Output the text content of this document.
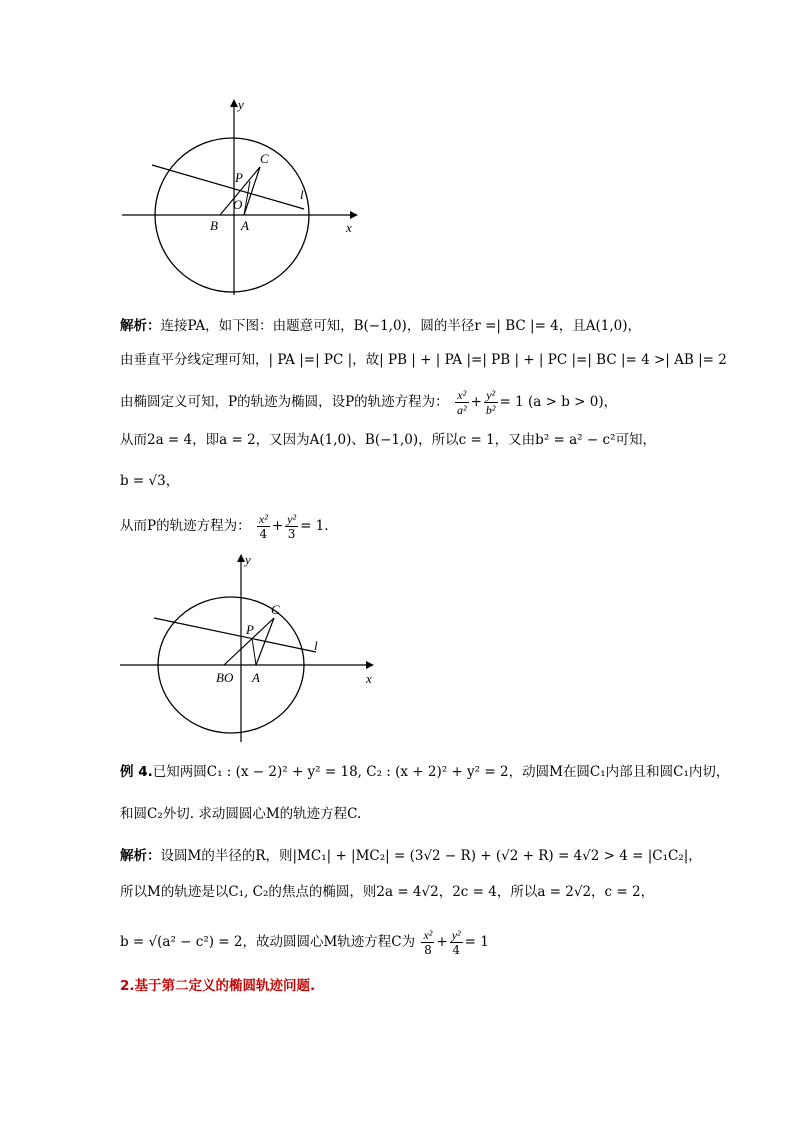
y
x
C
P
O
l
B A
解析：连接PA，如下图：由题意可知，B(−1,0)，圆的半径r =| BC |= 4，且A(1,0)，
由垂直平分线定理可知，| PA |=| PC |，故| PB | + | PA |=| PB | + | PC |=| BC |= 4 >| AB |= 2
由椭圆定义可知，P的轨迹为椭圆，设P的轨迹方程为： $\frac{\text{x²}}{\text{a²}} + \frac{\text{y²}}{\text{b²}} = 1$ (a > b > 0)，
从而2a = 4，即a = 2，又因为A(1,0)、B(−1,0)，所以c = 1，又由b² = a² − c²可知，
b = √3，
从而P的轨迹方程为： $\frac{\text{x²}}{4} + \frac{\text{y²}}{3} = 1$.
y
x
C
P
l
BO A
例 4.已知两圆C₁ : (x − 2)² + y² = 18, C₂ : (x + 2)² + y² = 2，动圆M在圆C₁内部且和圆C₁内切，
和圆C₂外切. 求动圆圆心M的轨迹方程C.
解析：设圆M的半径的R，则|MC₁| + |MC₂| = (3√2 − R) + (√2 + R) = 4√2 > 4 = |C₁C₂|，
所以M的轨迹是以C₁, C₂的焦点的椭圆，则2a = 4√2，2c = 4，所以a = 2√2，c = 2，
b = √(a² − c²) = 2，故动圆圆心M轨迹方程C为 $\frac{\text{x²}}{8} + \frac{\text{y²}}{4} = 1$
2.基于第二定义的椭圆轨迹问题.
